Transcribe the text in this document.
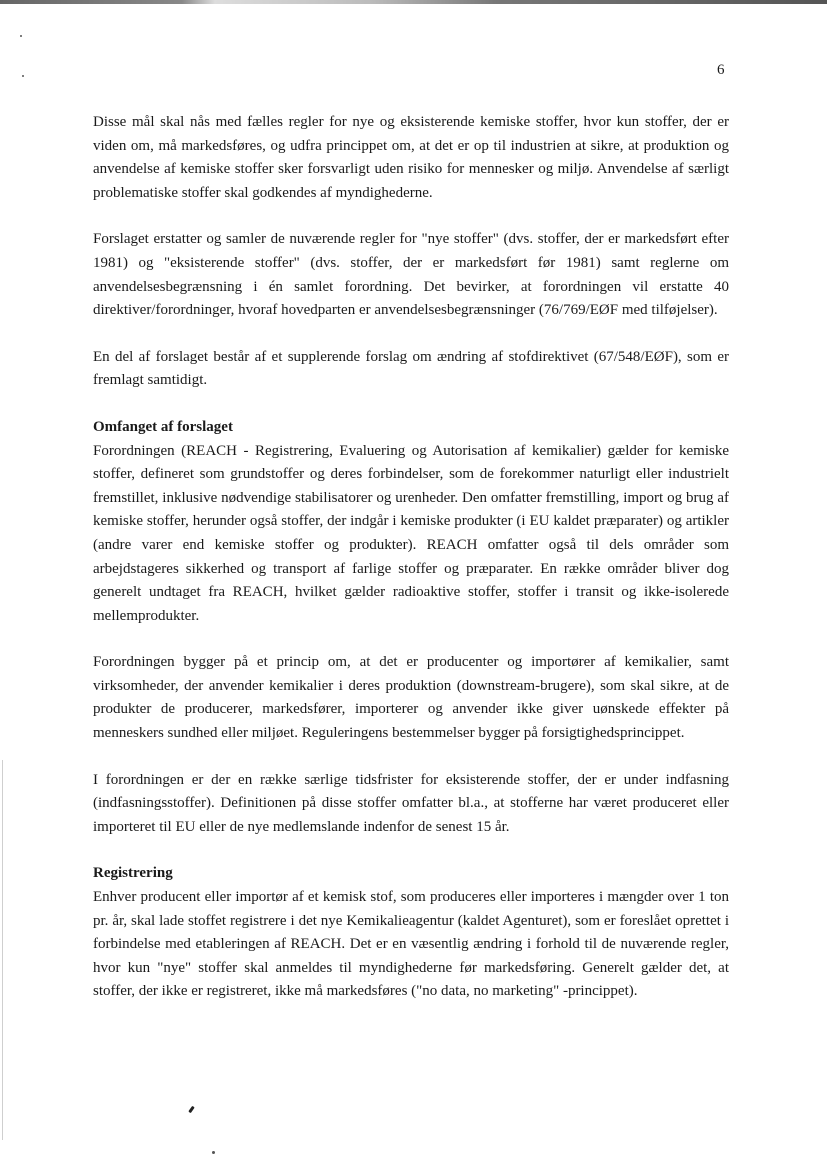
6

Disse mål skal nås med fælles regler for nye og eksisterende kemiske stoffer, hvor kun stoffer, der er viden om, må markedsføres, og udfra princippet om, at det er op til industrien at sikre, at produktion og anvendelse af kemiske stoffer sker forsvarligt uden risiko for mennesker og miljø. Anvendelse af særligt problematiske stoffer skal godkendes af myndighederne.

Forslaget erstatter og samler de nuværende regler for "nye stoffer" (dvs. stoffer, der er markedsført efter 1981) og "eksisterende stoffer" (dvs. stoffer, der er markedsført før 1981) samt reglerne om anvendelsesbegrænsning i én samlet forordning. Det bevirker, at forordningen vil erstatte 40 direktiver/forordninger, hvoraf hovedparten er anvendelsesbegrænsninger (76/769/EØF med tilføjelser).

En del af forslaget består af et supplerende forslag om ændring af stofdirektivet (67/548/EØF), som er fremlagt samtidigt.

Omfanget af forslaget

Forordningen (REACH - Registrering, Evaluering og Autorisation af kemikalier) gælder for kemiske stoffer, defineret som grundstoffer og deres forbindelser, som de forekommer naturligt eller industrielt fremstillet, inklusive nødvendige stabilisatorer og urenheder. Den omfatter fremstilling, import og brug af kemiske stoffer, herunder også stoffer, der indgår i kemiske produkter (i EU kaldet præparater) og artikler (andre varer end kemiske stoffer og produkter). REACH omfatter også til dels områder som arbejdstageres sikkerhed og transport af farlige stoffer og præparater. En række områder bliver dog generelt undtaget fra REACH, hvilket gælder radioaktive stoffer, stoffer i transit og ikke-isolerede mellemprodukter.

Forordningen bygger på et princip om, at det er producenter og importører af kemikalier, samt virksomheder, der anvender kemikalier i deres produktion (downstream-brugere), som skal sikre, at de produkter de producerer, markedsfører, importerer og anvender ikke giver uønskede effekter på menneskers sundhed eller miljøet. Reguleringens bestemmelser bygger på forsigtighedsprincippet.

I forordningen er der en række særlige tidsfrister for eksisterende stoffer, der er under indfasning (indfasningsstoffer). Definitionen på disse stoffer omfatter bl.a., at stofferne har været produceret eller importeret til EU eller de nye medlemslande indenfor de senest 15 år.

Registrering

Enhver producent eller importør af et kemisk stof, som produceres eller importeres i mængder over 1 ton pr. år, skal lade stoffet registrere i det nye Kemikalieagentur (kaldet Agenturet), som er foreslået oprettet i forbindelse med etableringen af REACH. Det er en væsentlig ændring i forhold til de nuværende regler, hvor kun "nye" stoffer skal anmeldes til myndighederne før markedsføring. Generelt gælder det, at stoffer, der ikke er registreret, ikke må markedsføres ("no data, no marketing" -princippet).
